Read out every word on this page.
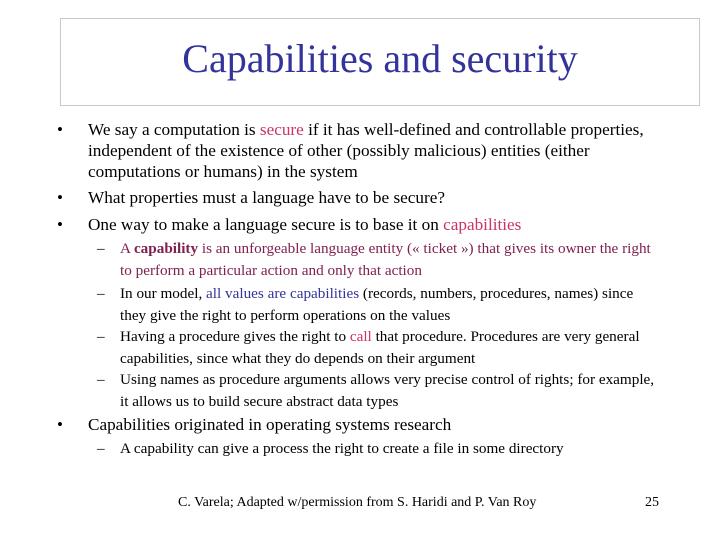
Capabilities and security
• We say a computation is secure if it has well-defined and controllable properties, independent of the existence of other (possibly malicious) entities (either computations or humans) in the system
• What properties must a language have to be secure?
• One way to make a language secure is to base it on capabilities
– A capability is an unforgeable language entity (« ticket ») that gives its owner the right to perform a particular action and only that action
– In our model, all values are capabilities (records, numbers, procedures, names) since they give the right to perform operations on the values
– Having a procedure gives the right to call that procedure. Procedures are very general capabilities, since what they do depends on their argument
– Using names as procedure arguments allows very precise control of rights; for example, it allows us to build secure abstract data types
• Capabilities originated in operating systems research
– A capability can give a process the right to create a file in some directory
C. Varela; Adapted w/permission from S. Haridi and P. Van Roy	25
